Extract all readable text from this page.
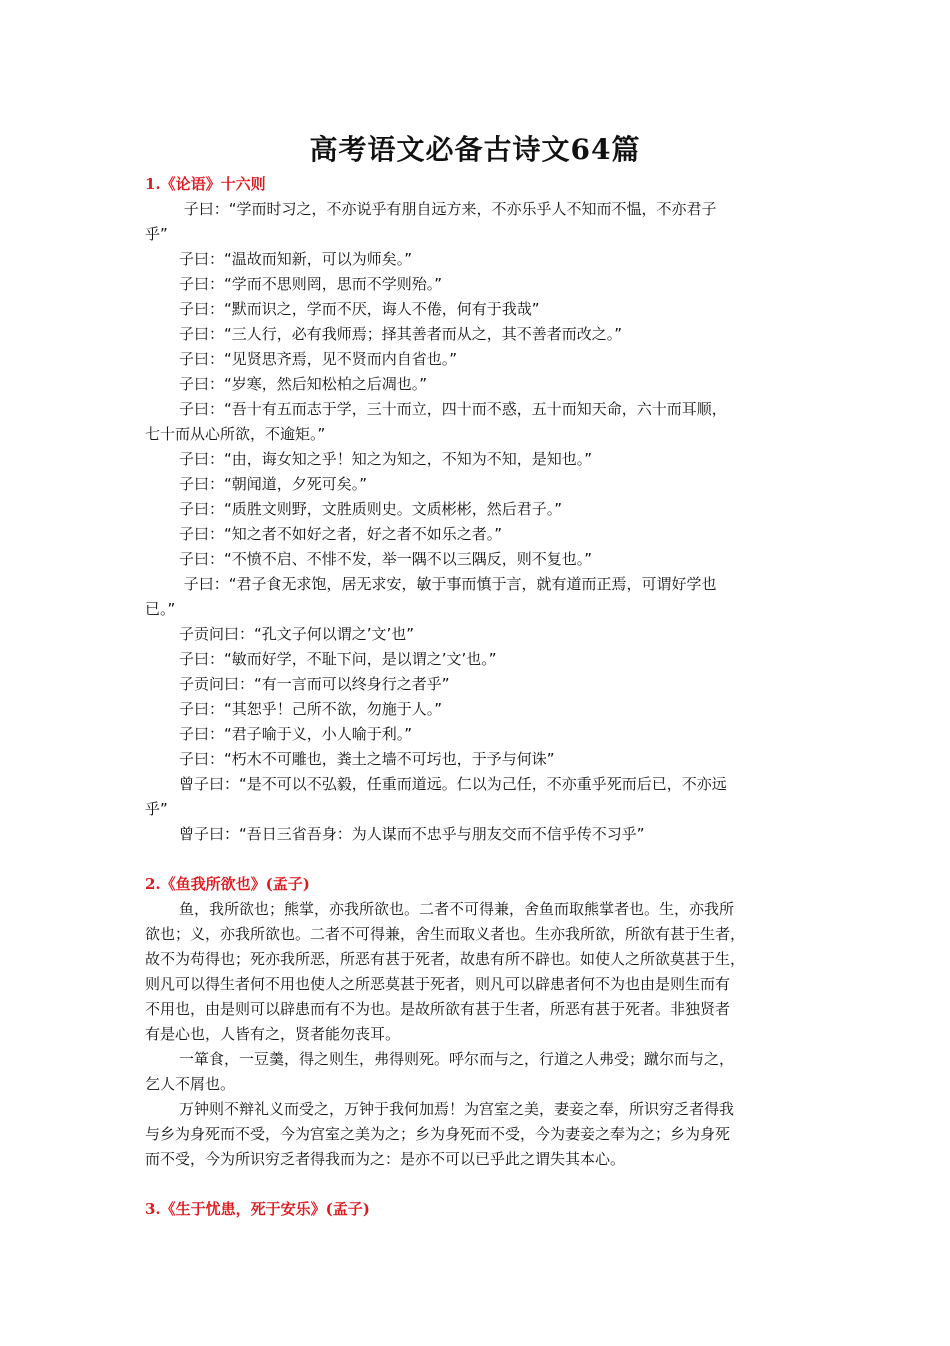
高考语文必备古诗文64篇
1.《论语》十六则
子曰：“学而时习之，不亦说乎有朋自远方来，不亦乐乎人不知而不愠，不亦君子
乎”
子曰：“温故而知新，可以为师矣。”
子曰：“学而不思则罔，思而不学则殆。”
子曰：“默而识之，学而不厌，诲人不倦，何有于我哉”
子曰：“三人行，必有我师焉；择其善者而从之，其不善者而改之。”
子曰：“见贤思齐焉，见不贤而内自省也。”
子曰：“岁寒，然后知松柏之后凋也。”
子曰：“吾十有五而志于学，三十而立，四十而不惑，五十而知天命，六十而耳顺，
七十而从心所欲，不逾矩。”
子曰：“由，诲女知之乎！知之为知之，不知为不知，是知也。”
子曰：“朝闻道，夕死可矣。”
子曰：“质胜文则野，文胜质则史。文质彬彬，然后君子。”
子曰：“知之者不如好之者，好之者不如乐之者。”
子曰：“不愤不启、不悱不发，举一隅不以三隅反，则不复也。”
子曰：“君子食无求饱，居无求安，敏于事而慎于言，就有道而正焉，可谓好学也
已。”
子贡问曰：“孔文子何以谓之’文’也”
子曰：“敏而好学，不耻下问，是以谓之’文’也。”
子贡问曰：“有一言而可以终身行之者乎”
子曰：“其恕乎！己所不欲，勿施于人。”
子曰：“君子喻于义，小人喻于利。”
子曰：“朽木不可雕也，粪土之墙不可圬也，于予与何诛”
曾子曰：“是不可以不弘毅，任重而道远。仁以为己任，不亦重乎死而后已，不亦远
乎”
曾子曰：“吾日三省吾身：为人谋而不忠乎与朋友交而不信乎传不习乎”
2.《鱼我所欲也》(孟子)
鱼，我所欲也；熊掌，亦我所欲也。二者不可得兼，舍鱼而取熊掌者也。生，亦我所
欲也；义，亦我所欲也。二者不可得兼，舍生而取义者也。生亦我所欲，所欲有甚于生者，
故不为苟得也；死亦我所恶，所恶有甚于死者，故患有所不辟也。如使人之所欲莫甚于生，
则凡可以得生者何不用也使人之所恶莫甚于死者，则凡可以辟患者何不为也由是则生而有
不用也，由是则可以辟患而有不为也。是故所欲有甚于生者，所恶有甚于死者。非独贤者
有是心也，人皆有之，贤者能勿丧耳。
一箪食，一豆羹，得之则生，弗得则死。呼尔而与之，行道之人弗受；蹴尔而与之，
乞人不屑也。
万钟则不辩礼义而受之，万钟于我何加焉！为宫室之美，妻妾之奉，所识穷乏者得我
与乡为身死而不受，今为宫室之美为之；乡为身死而不受，今为妻妾之奉为之；乡为身死
而不受，今为所识穷乏者得我而为之：是亦不可以已乎此之谓失其本心。
3.《生于忧患，死于安乐》(孟子)
